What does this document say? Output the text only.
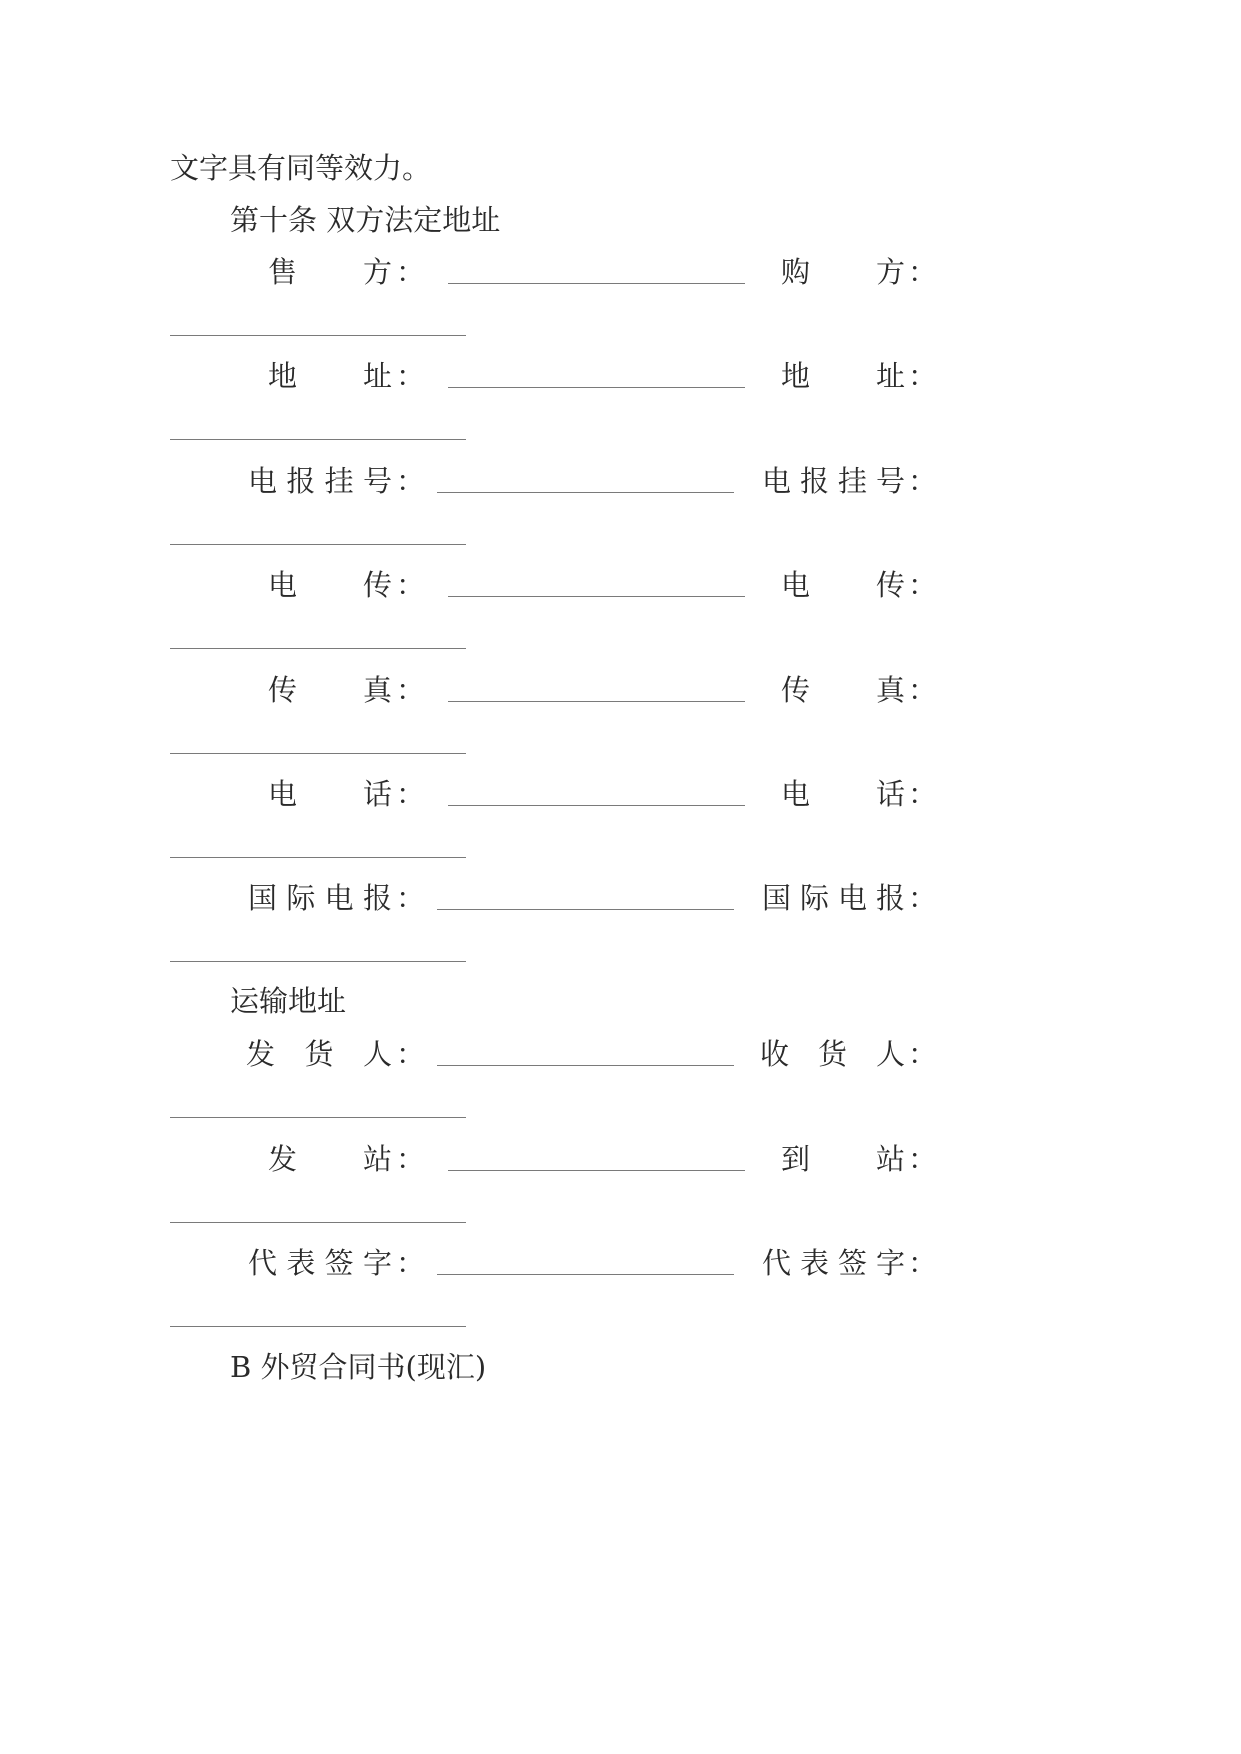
文字具有同等效力。
第十条 双方法定地址
售 方 ：	购 方 ：
地 址 ：	地 址 ：
电 报 挂 号 ：	电 报 挂 号 ：
电 传 ：	电 传 ：
传 真 ：	传 真 ：
电 话 ：	电 话 ：
国 际 电 报 ：	国 际 电 报 ：
运输地址
发 货 人 ：	收 货 人 ：
发 站 ：	到 站 ：
代 表 签 字 ：	代 表 签 字 ：
B 外贸合同书(现汇)
